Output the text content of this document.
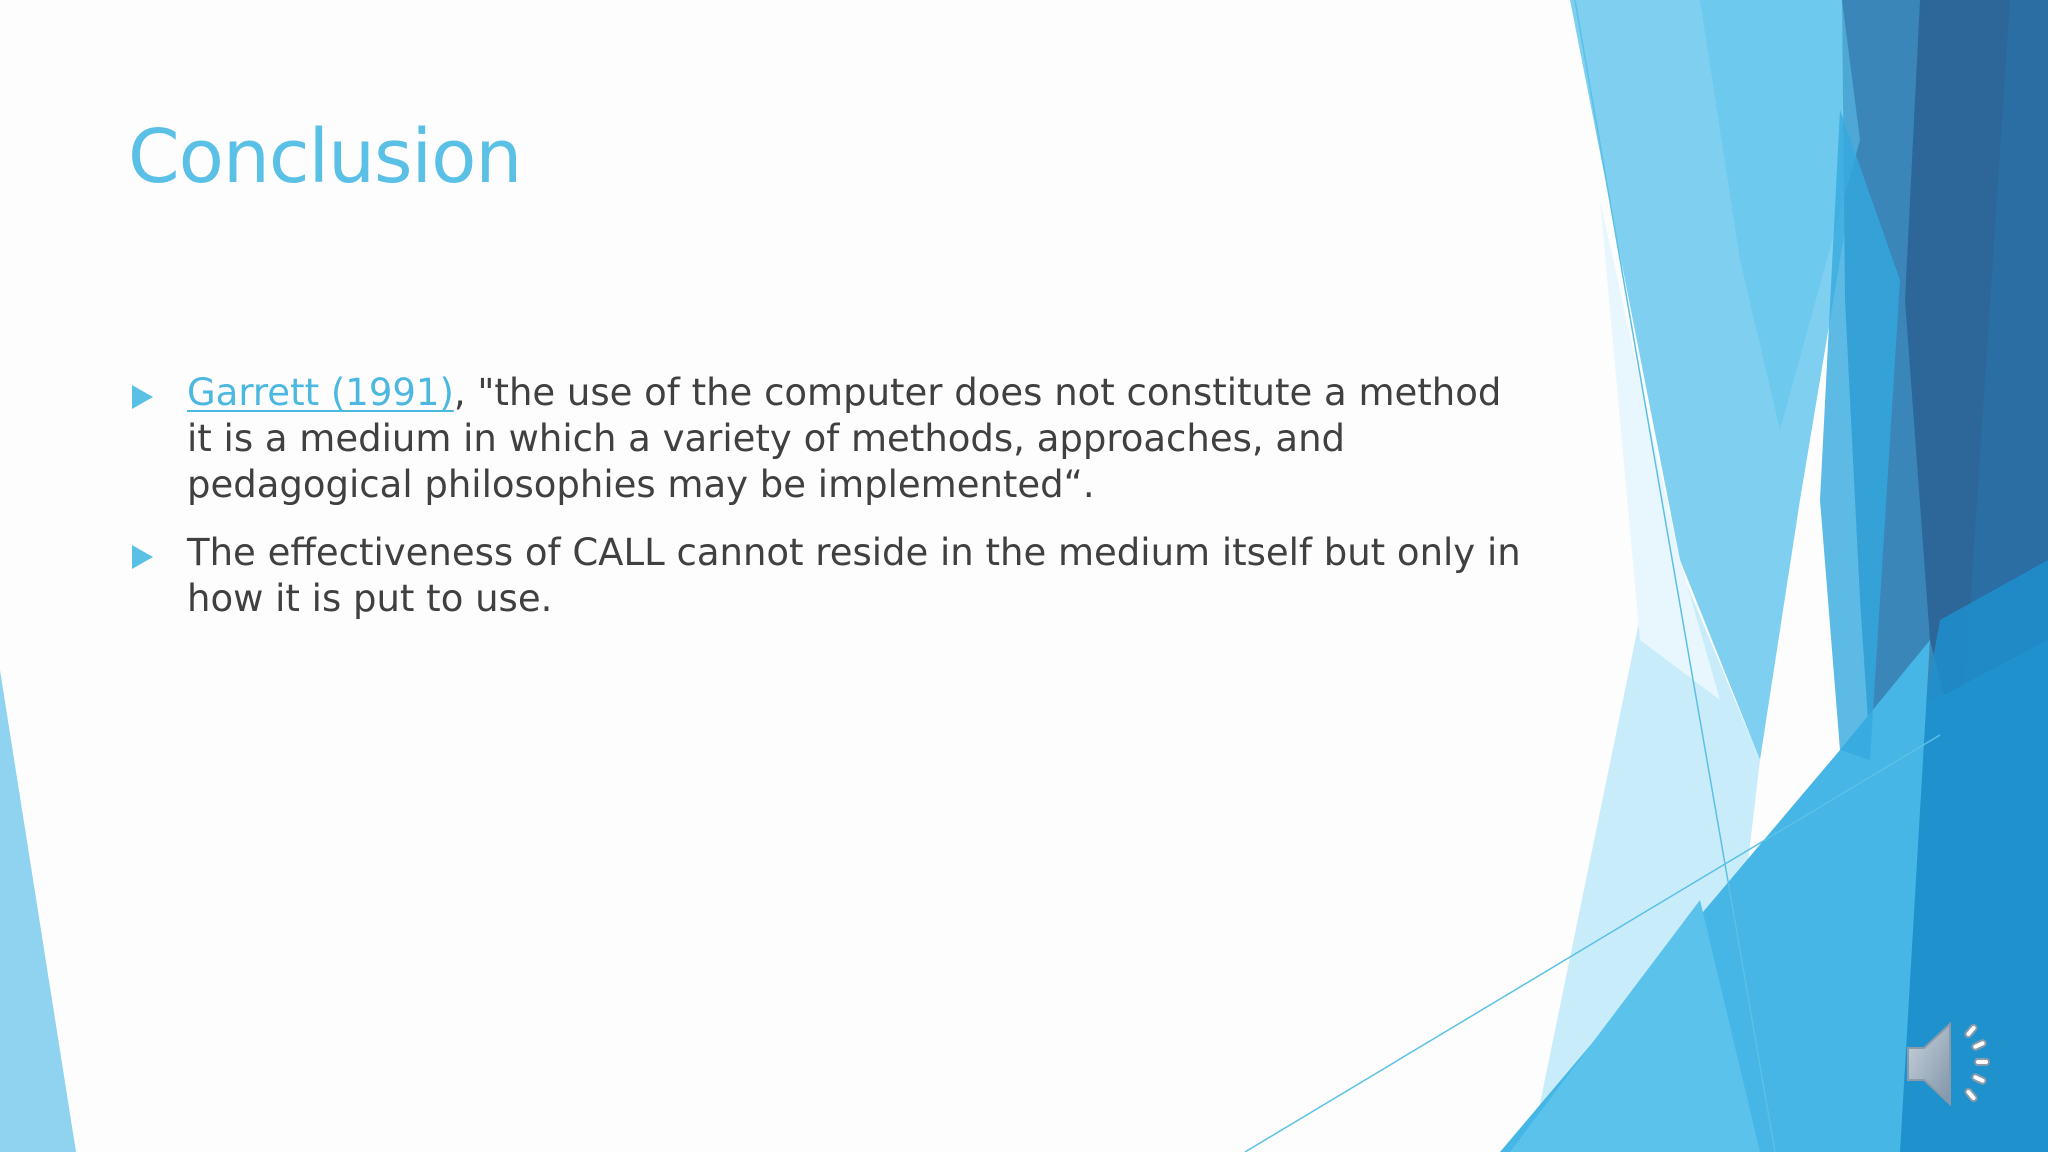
Conclusion
Garrett (1991), "the use of the computer does not constitute a method it is a medium in which a variety of methods, approaches, and pedagogical philosophies may be implemented“.
The effectiveness of CALL cannot reside in the medium itself but only in how it is put to use.
